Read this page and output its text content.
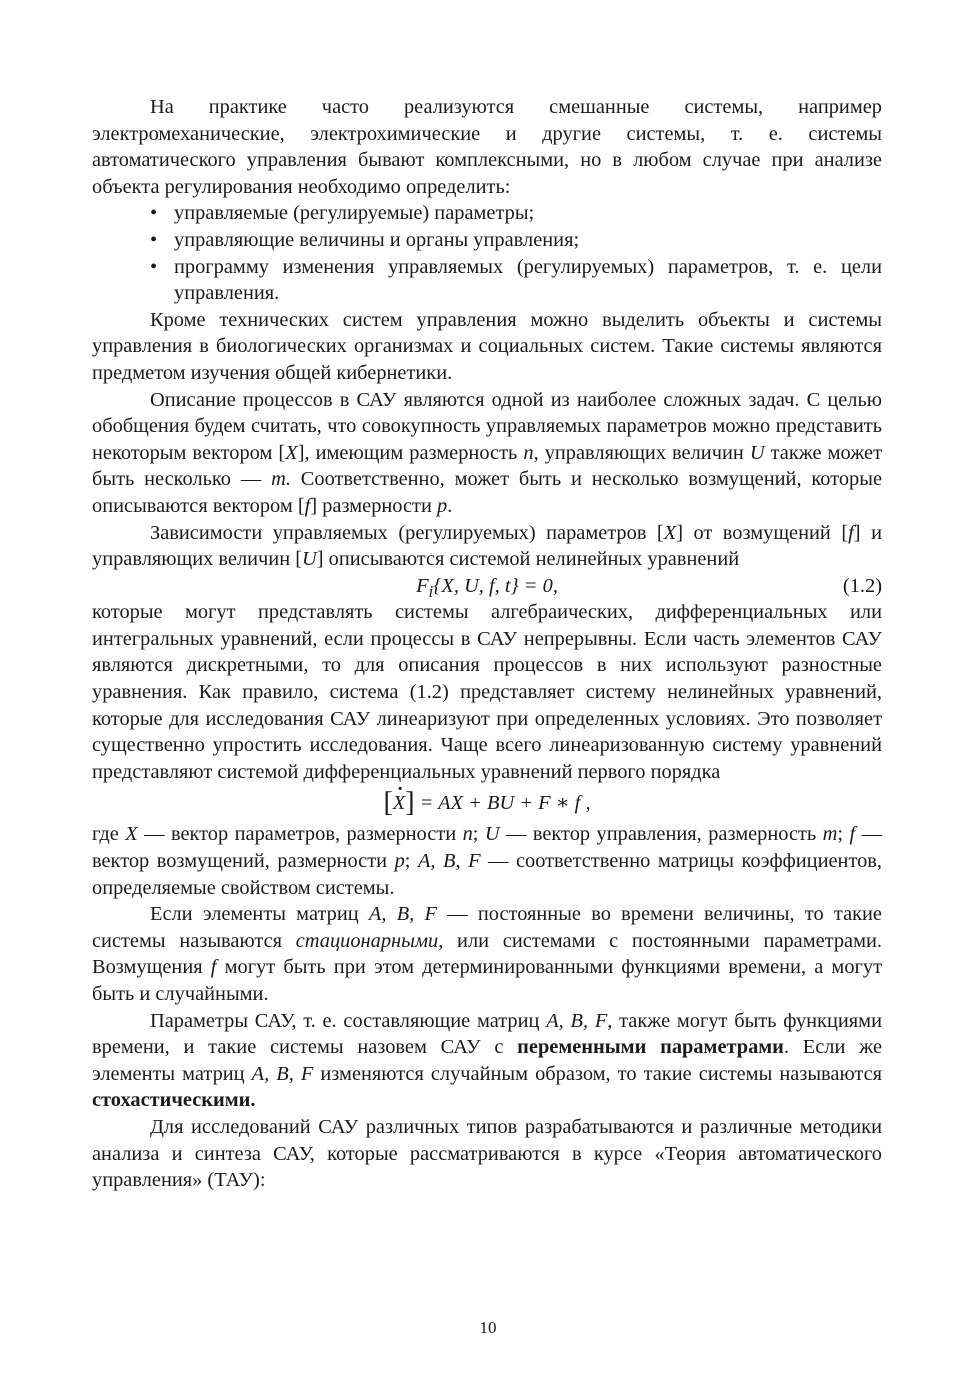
На практике часто реализуются смешанные системы, например электромеханические, электрохимические и другие системы, т. е. системы автоматического управления бывают комплексными, но в любом случае при анализе объекта регулирования необходимо определить:

• управляемые (регулируемые) параметры;
• управляющие величины и органы управления;
• программу изменения управляемых (регулируемых) параметров, т. е. цели управления.

Кроме технических систем управления можно выделить объекты и системы управления в биологических организмах и социальных систем. Такие системы являются предметом изучения общей кибернетики.

Описание процессов в САУ являются одной из наиболее сложных задач. С целью обобщения будем считать, что совокупность управляемых параметров можно представить некоторым вектором [X], имеющим размерность n, управляющих величин U также может быть несколько — m. Соответственно, может быть и несколько возмущений, которые описываются вектором [f] размерности p.

Зависимости управляемых (регулируемых) параметров [X] от возмущений [f] и управляющих величин [U] описываются системой нелинейных уравнений

$F_i\{X$, U, f, t} = 0,	(1.2)

которые могут представлять системы алгебраических, дифференциальных или интегральных уравнений, если процессы в САУ непрерывны. Если часть элементов САУ являются дискретными, то для описания процессов в них используют разностные уравнения. Как правило, система (1.2) представляет систему нелинейных уравнений, которые для исследования САУ линеаризуют при определенных условиях. Это позволяет существенно упростить исследования. Чаще всего линеаризованную систему уравнений представляют системой дифференциальных уравнений первого порядка

[· X] = AX + BU + F ∗ f ,

где X — вектор параметров, размерности n; U — вектор управления, размерность m; f — вектор возмущений, размерности p; A, B, F — соответственно матрицы коэффициентов, определяемые свойством системы.

Если элементы матриц A, B, F — постоянные во времени величины, то такие системы называются стационарными, или системами с постоянными параметрами. Возмущения f могут быть при этом детерминированными функциями времени, а могут быть и случайными.

Параметры САУ, т. е. составляющие матриц A, B, F, также могут быть функциями времени, и такие системы назовем САУ с переменными параметрами. Если же элементы матриц A, B, F изменяются случайным образом, то такие системы называются стохастическими.

Для исследований САУ различных типов разрабатываются и различные методики анализа и синтеза САУ, которые рассматриваются в курсе «Теория автоматического управления» (ТАУ):

10
